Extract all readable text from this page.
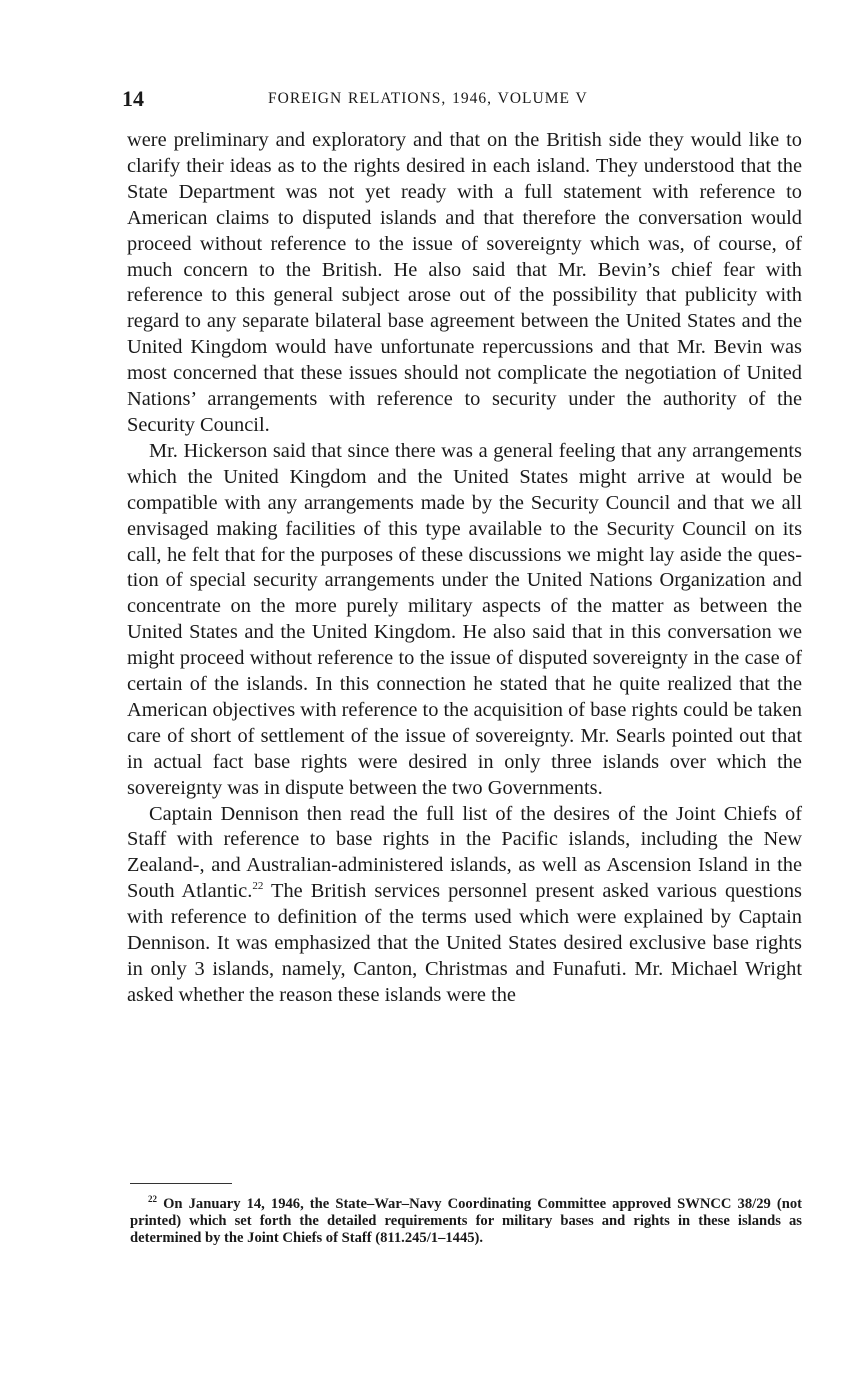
14	FOREIGN RELATIONS, 1946, VOLUME V

were preliminary and exploratory and that on the British side they would like to clarify their ideas as to the rights desired in each island. They understood that the State Department was not yet ready with a full statement with reference to American claims to disputed islands and that therefore the conversation would proceed without reference to the issue of sovereignty which was, of course, of much concern to the British. He also said that Mr. Bevin’s chief fear with reference to this general subject arose out of the possibility that publicity with regard to any separate bilateral base agreement between the United States and the United Kingdom would have unfortunate repercussions and that Mr. Bevin was most concerned that these issues should not complicate the negotiation of United Nations’ arrangements with reference to security under the authority of the Security Council.

Mr. Hickerson said that since there was a general feeling that any arrangements which the United Kingdom and the United States might arrive at would be compatible with any arrangements made by the Security Council and that we all envisaged making facilities of this type available to the Security Council on its call, he felt that for the purposes of these discussions we might lay aside the question of special security arrangements under the United Nations Organization and concentrate on the more purely military aspects of the matter as between the United States and the United Kingdom. He also said that in this conversation we might proceed without reference to the issue of disputed sovereignty in the case of certain of the islands. In this connection he stated that he quite realized that the American objectives with reference to the acquisition of base rights could be taken care of short of settlement of the issue of sovereignty. Mr. Searls pointed out that in actual fact base rights were desired in only three islands over which the sovereignty was in dispute between the two Governments.

Captain Dennison then read the full list of the desires of the Joint Chiefs of Staff with reference to base rights in the Pacific islands, including the New Zealand-, and Australian-administered islands, as well as Ascension Island in the South Atlantic.$^{22}$ The British services personnel present asked various questions with reference to definition of the terms used which were explained by Captain Dennison. It was emphasized that the United States desired exclusive base rights in only 3 islands, namely, Canton, Christmas and Funafuti. Mr. Michael Wright asked whether the reason these islands were the

$^{22}$ On January 14, 1946, the State–War–Navy Coordinating Committee approved SWNCC 38/29 (not printed) which set forth the detailed requirements for military bases and rights in these islands as determined by the Joint Chiefs of Staff (811.245/1–1445).
